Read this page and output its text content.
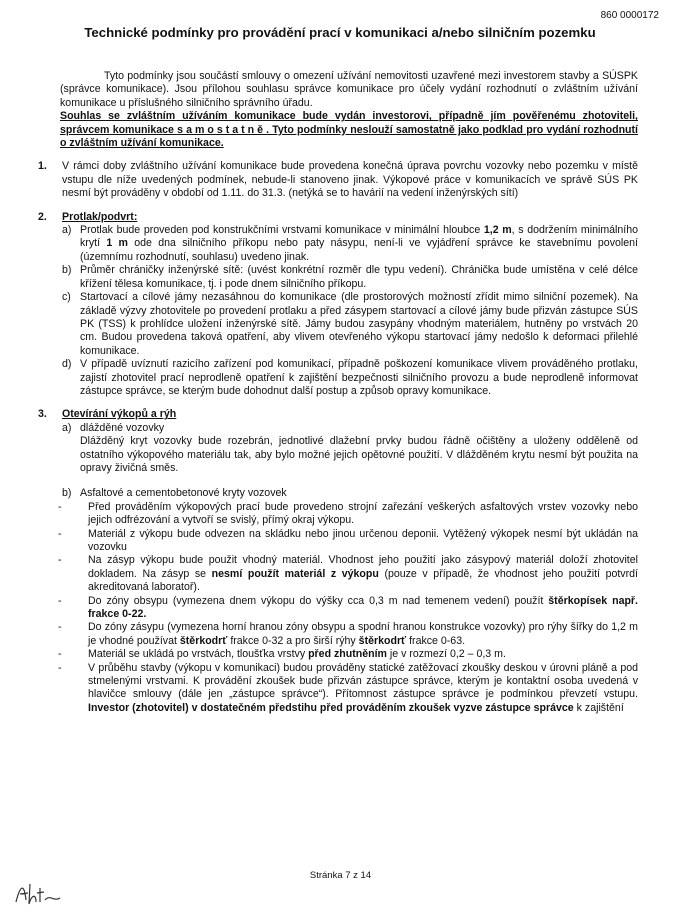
860 0000172
Technické podmínky pro provádění prací v komunikaci a/nebo silničním pozemku

Tyto podmínky jsou součástí smlouvy o omezení užívání nemovitosti uzavřené mezi investorem stavby a SÚSPK (správce komunikace). Jsou přílohou souhlasu správce komunikace pro účely vydání rozhodnutí o zvláštním užívání komunikace u příslušného silničního správního úřadu.

Souhlas se zvláštním užíváním komunikace bude vydán investorovi, případně jím pověřenému zhotoviteli, správcem komunikace samostatně. Tyto podmínky neslouží samostatně jako podklad pro vydání rozhodnutí o zvláštním užívání komunikace.

1.	V rámci doby zvláštního užívání komunikace bude provedena konečná úprava povrchu vozovky nebo pozemku v místě vstupu dle níže uvedených podmínek, nebude-li stanoveno jinak. Výkopové práce v komunikacích ve správě SÚS PK nesmí být prováděny v období od 1.11. do 31.3. (netýká se to havárií na vedení inženýrských sítí)
2.	Protlak/podvrt:
a) Protlak bude proveden pod konstrukčními vrstvami komunikace v minimální hloubce 1,2 m, s dodržením minimálního krytí 1 m ode dna silničního příkopu nebo paty násypu, není-li ve vyjádření správce ke stavebnímu povolení (územnímu rozhodnutí, souhlasu) uvedeno jinak.
b) Průměr chráničky inženýrské sítě: (uvést konkrétní rozměr dle typu vedení). Chránička bude umístěna v celé délce křížení tělesa komunikace, tj. i pode dnem silničního příkopu.
c) Startovací a cílové jámy nezasáhnou do komunikace (dle prostorových možností zřídit mimo silniční pozemek). Na základě výzvy zhotovitele po provedení protlaku a před zásypem startovací a cílové jámy bude přizván zástupce SÚS PK (TSS) k prohlídce uložení inženýrské sítě. Jámy budou zasypány vhodným materiálem, hutněny po vrstvách 20 cm. Budou provedena taková opatření, aby vlivem otevřeného výkopu startovací jámy nedošlo k deformaci přilehlé komunikace.
d) V případě uvíznutí razicího zařízení pod komunikací, případně poškození komunikace vlivem prováděného protlaku, zajistí zhotovitel prací neprodleně opatření k zajištění bezpečnosti silničního provozu a bude neprodleně informovat zástupce správce, se kterým bude dohodnut další postup a způsob opravy komunikace.
3.	Otevírání výkopů a rýh
a) dlážděné vozovky
Dlážděný kryt vozovky bude rozebrán, jednotlivé dlažební prvky budou řádně očištěny a uloženy odděleně od ostatního výkopového materiálu tak, aby bylo možné jejich opětovné použití. V dlážděném krytu nesmí být použita na opravy živičná směs.
b) Asfaltové a cementobetonové kryty vozovek
-	Před prováděním výkopových prací bude provedeno strojní zařezání veškerých asfaltových vrstev vozovky nebo jejich odfrézování a vytvoří se svislý, přímý okraj výkopu.
-	Materiál z výkopu bude odvezen na skládku nebo jinou určenou deponii. Vytěžený výkopek nesmí být ukládán na vozovku
-	Na zásyp výkopu bude použit vhodný materiál. Vhodnost jeho použití jako zásypový materiál doloží zhotovitel dokladem. Na zásyp se nesmí použít materiál z výkopu (pouze v případě, že vhodnost jeho použití potvrdí akreditovaná laboratoř).
-	Do zóny obsypu (vymezena dnem výkopu do výšky cca 0,3 m nad temenem vedení) použít štěrkopísek např. frakce 0-22.
-	Do zóny zásypu (vymezena horní hranou zóny obsypu a spodní hranou konstrukce vozovky) pro rýhy šířky do 1,2 m je vhodné používat štěrkodrť frakce 0-32 a pro širší rýhy štěrkodrť frakce 0-63.
-	Materiál se ukládá po vrstvách, tloušťka vrstvy před zhutněním je v rozmezí 0,2 – 0,3 m.
-	V průběhu stavby (výkopu v komunikaci) budou prováděny statické zatěžovací zkoušky deskou v úrovni pláně a pod stmelenými vrstvami. K provádění zkoušek bude přizván zástupce správce, kterým je kontaktní osoba uvedená v hlavičce smlouvy (dále jen „zástupce správce“). Přítomnost zástupce správce je podmínkou převzetí vstupu. Investor (zhotovitel) v dostatečném předstihu před prováděním zkoušek vyzve zástupce správce k zajištění
Stránka 7 z 14
